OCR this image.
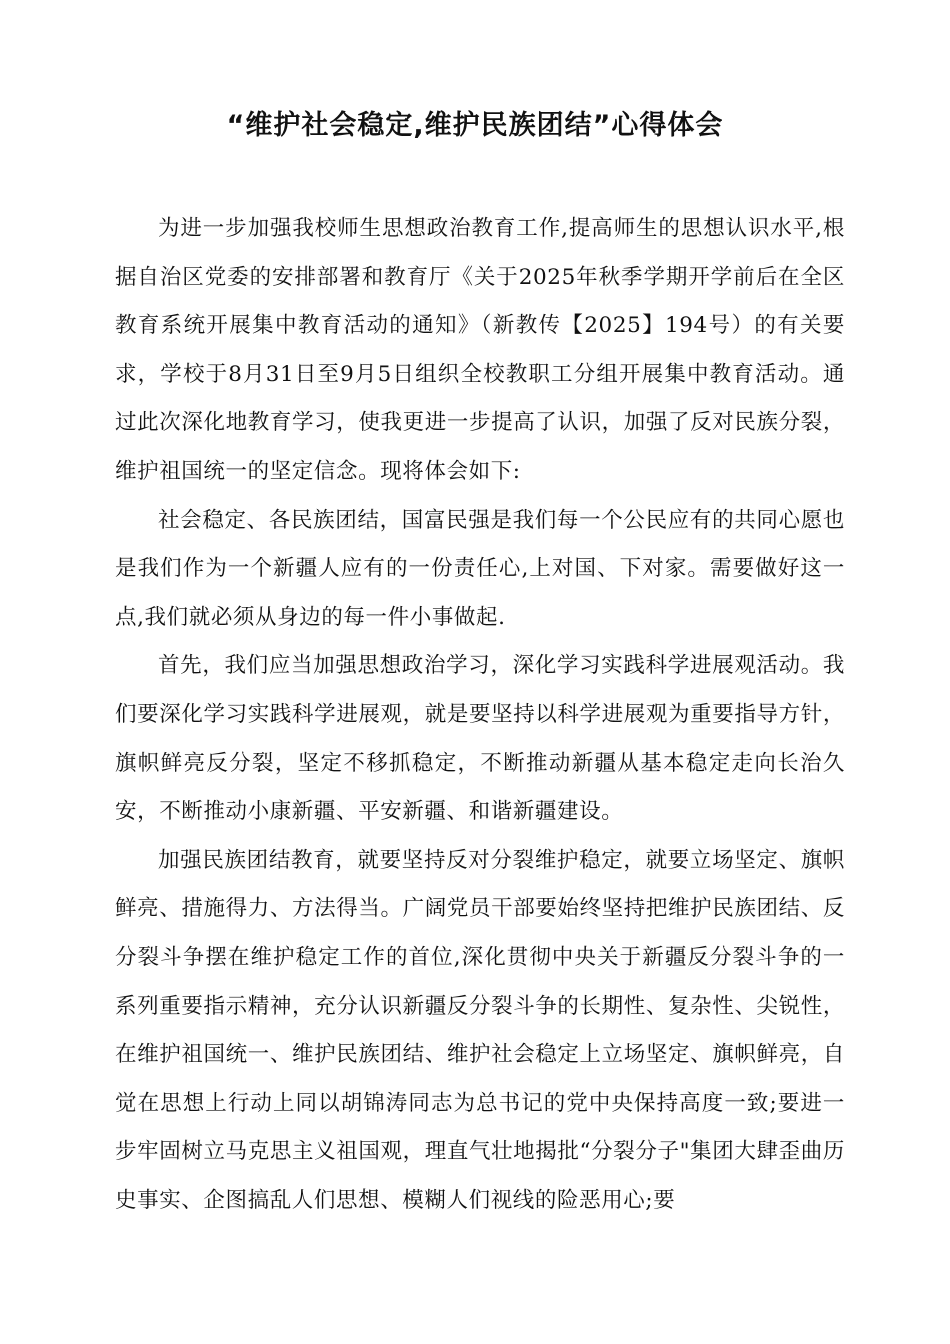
“维护社会稳定,维护民族团结”心得体会

为进一步加强我校师生思想政治教育工作,提高师生的思想认识水平,根据自治区党委的安排部署和教育厅《关于2025年秋季学期开学前后在全区教育系统开展集中教育活动的通知》（新教传【2025】194号）的有关要求，学校于8月31日至9月5日组织全校教职工分组开展集中教育活动。通过此次深化地教育学习，使我更进一步提高了认识，加强了反对民族分裂，维护祖国统一的坚定信念。现将体会如下:

社会稳定、各民族团结，国富民强是我们每一个公民应有的共同心愿也是我们作为一个新疆人应有的一份责任心,上对国、下对家。需要做好这一点,我们就必须从身边的每一件小事做起.

首先，我们应当加强思想政治学习，深化学习实践科学进展观活动。我们要深化学习实践科学进展观，就是要坚持以科学进展观为重要指导方针，旗帜鲜亮反分裂，坚定不移抓稳定，不断推动新疆从基本稳定走向长治久安，不断推动小康新疆、平安新疆、和谐新疆建设。

加强民族团结教育，就要坚持反对分裂维护稳定，就要立场坚定、旗帜鲜亮、措施得力、方法得当。广阔党员干部要始终坚持把维护民族团结、反分裂斗争摆在维护稳定工作的首位,深化贯彻中央关于新疆反分裂斗争的一系列重要指示精神，充分认识新疆反分裂斗争的长期性、复杂性、尖锐性，在维护祖国统一、维护民族团结、维护社会稳定上立场坚定、旗帜鲜亮，自觉在思想上行动上同以胡锦涛同志为总书记的党中央保持高度一致;要进一步牢固树立马克思主义祖国观，理直气壮地揭批“分裂分子"集团大肆歪曲历史事实、企图搞乱人们思想、模糊人们视线的险恶用心;要
